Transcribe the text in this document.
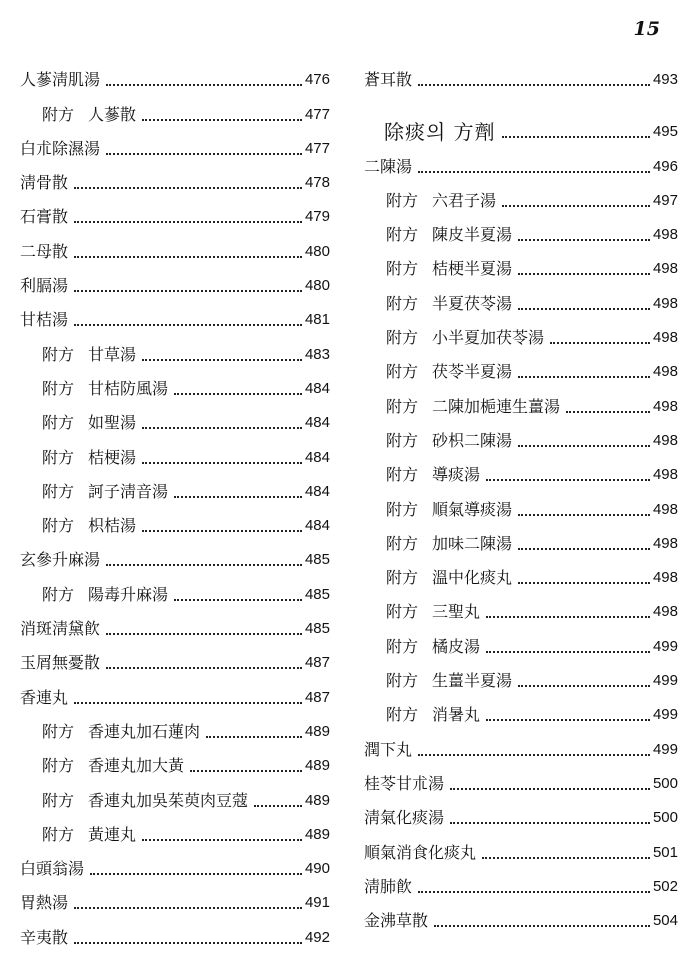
15
人蔘淸肌湯	476
附方 人蔘散	477
白朮除濕湯	477
淸骨散	478
石膏散	479
二母散	480
利膈湯	480
甘桔湯	481
附方 甘草湯	483
附方 甘桔防風湯	484
附方 如聖湯	484
附方 桔梗湯	484
附方 訶子淸音湯	484
附方 枳桔湯	484
玄參升麻湯	485
附方 陽毒升麻湯	485
消斑淸黛飮	485
玉屑無憂散	487
香連丸	487
附方 香連丸加石蓮肉	489
附方 香連丸加大黃	489
附方 香連丸加吳茱萸肉豆蔻	489
附方 黃連丸	489
白頭翁湯	490
胃熱湯	491
辛夷散	492
蒼耳散	493
除痰의 方劑	495
二陳湯	496
附方 六君子湯	497
附方 陳皮半夏湯	498
附方 桔梗半夏湯	498
附方 半夏茯苓湯	498
附方 小半夏加茯苓湯	498
附方 茯苓半夏湯	498
附方 二陳加梔連生薑湯	498
附方 砂枳二陳湯	498
附方 導痰湯	498
附方 順氣導痰湯	498
附方 加味二陳湯	498
附方 溫中化痰丸	498
附方 三聖丸	498
附方 橘皮湯	499
附方 生薑半夏湯	499
附方 消暑丸	499
潤下丸	499
桂苓甘朮湯	500
淸氣化痰湯	500
順氣消食化痰丸	501
淸肺飮	502
金沸草散	504
